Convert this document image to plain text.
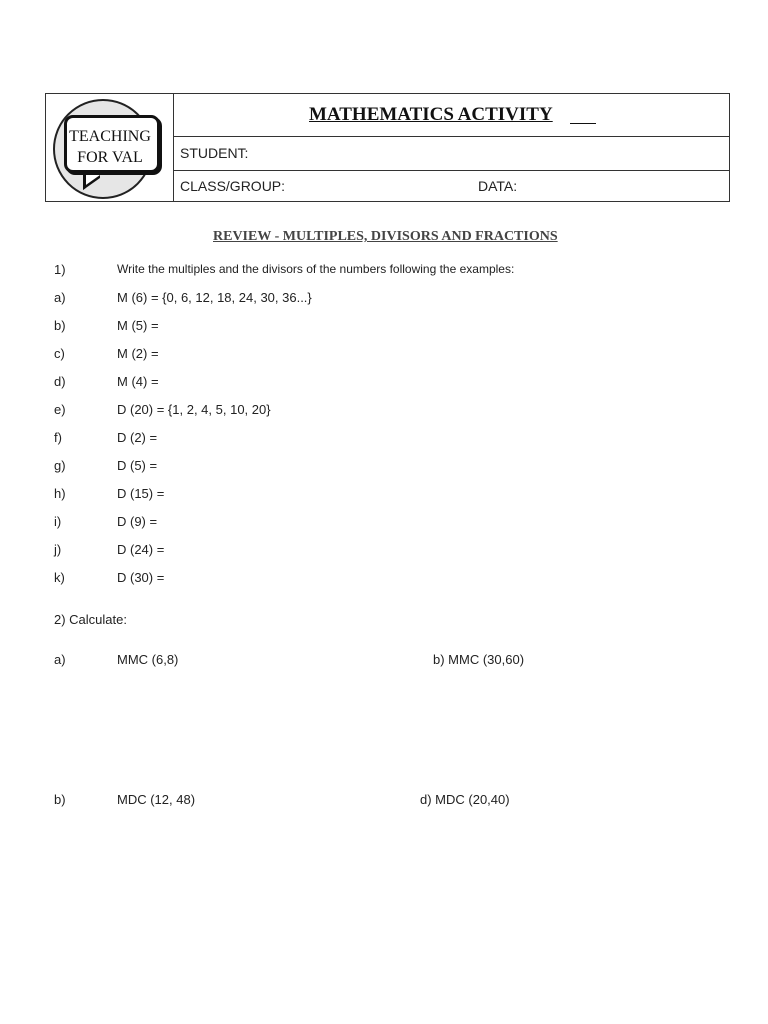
TEACHING
FOR VAL
MATHEMATICS ACTIVITY
STUDENT:
CLASS/GROUP:	DATA:
REVIEW - MULTIPLES, DIVISORS AND FRACTIONS
1)	Write the multiples and the divisors of the numbers following the examples:
a)	M (6) = {0, 6, 12, 18, 24, 30, 36...}
b)	M (5) =
c)	M (2) =
d)	M (4) =
e)	D (20) = {1, 2, 4, 5, 10, 20}
f)	D (2) =
g)	D (5) =
h)	D (15) =
i)	D (9) =
j)	D (24) =
k)	D (30) =
2) Calculate:
a)	MMC (6,8)	b) MMC (30,60)
b)	MDC (12, 48)	d) MDC (20,40)
